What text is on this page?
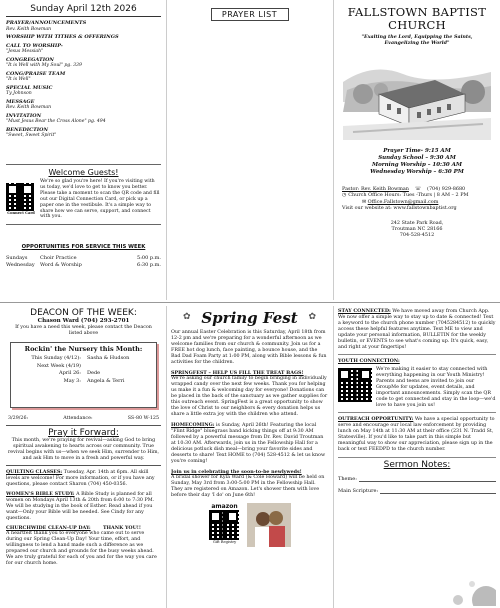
Sunday April 12th 2026
PRAYER/ANNOUNCEMENTS
Rev. Keith Bowman
WORSHIP WITH TITHES & OFFERINGS
CALL TO WORSHIP-
"Jesus Messiah"
CONGREGATION
"It is Well with My Soul" pg. 339
CONG/PRAISE TEAM
"It is Well"
SPECIAL MUSIC
Ty Johnson
MESSAGE
Rev. Keith Bowman
INVITATION
"Must Jesus Bear the Cross Alone" pg. 494
BENEDICTION
"Sweet, Sweet Spirit"
Welcome Guests!
Connect Card
We're so glad you're here! If you're visiting with us today, we'd love to get to know you better. Please take a moment to scan the QR code and fill out our Digital Connection Card, or pick up a paper one in the vestibule. It's a simple way to share how we can serve, support, and connect with you.
OPPORTUNITIES FOR SERVICE THIS WEEK
Sundays	Choir Practice	5:00 p.m.
Wednesday	Word & Worship	6:30 p.m.
PRAYER LIST	FALLSTOWN BAPTIST
CHURCH
"Exalting the Lord, Equipping the Saints, Evangelizing the World"
Prayer Time- 9:15 AM
Sunday School – 9:30 AM
Morning Worship – 10:30 AM
Wednesday Worship – 6:30 PM
Pastor: Rev. Keith Bowman ☏ (704) 929-8680
◷ Church Office Hours: Tues -Thurs | 8 AM – 2 PM
✉ Office.Fallstown@gmail.com
Visit our website at: www.fallstownbaptist.org
242 State Park Road,
Troutman NC 28166
704-528-4512
DEACON OF THE WEEK:
Chason Ward (704) 293-2701
If you have a need this week, please contact the Deacon listed above
Rockin' the Nursery this Month:
This Sunday (4/12):	Sasha & Hudson
Next Week (4/19)
April 26:	Dede
May 3:	Angela & Terri
3/29/26:	Attendance:	SS-80 W-125
Pray it Forward:
This month, we're praying for revival—asking God to bring spiritual awakening to hearts across our community. True revival begins with us—when we seek Him, surrender to Him, and ask Him to move in a fresh and powerful way.
QUILTING CLASSES: Tuesday, Apr. 14th at 6pm. All skill levels are welcome! For more information, or if you have any questions, please contact Sharon (704) 450-0356.
WOMEN'S BIBLE STUDY: A Bible Study is planned for all women on Mondays April 13th & 20th from 6:00 to 7:30 PM. We will be studying in the book of Esther. Read ahead if you want—Only your Bible will be needed. See Cindy for any questions.
CHURCHWIDE CLEAN-UP DAY:	THANK YOU!!
A heartfelt thank you to everyone who came out to serve during our Spring Clean-Up Day! Your time, effort, and willingness to lend a hand made such a difference as we prepared our church and grounds for the busy weeks ahead. We are truly grateful for each of you and for the way you care for our church home.
✿ Spring Fest ✿
Our annual Easter Celebration is this Saturday, April 18th from 12-2 pm and we're preparing for a wonderful afternoon as we welcome families from our church & community. Join us for a FREE hot dog lunch, face painting, a bounce house, and the Bad Dad Foam Party at 1:00 PM, along with Bible lessons & fun activities for the children.
SPRINGFEST – HELP US FILL THE TREAT BAGS!
We're asking our church family to begin bringing in individually wrapped candy over the next few weeks. Thank you for helping us make it a fun & welcoming day for everyone! Donations can be placed in the back of the sanctuary as we gather supplies for this outreach event. SpringFest is a great opportunity to show the love of Christ to our neighbors & every donation helps us share a little extra joy with the children who attend.
HOMECOMING: is Sunday, April 26th! Featuring the local "Flint Ridge" bluegrass band kicking things off at 9:30 AM followed by a powerful message from Dr. Rev. David Troutman at 10:30 AM. Afterwards, join us in the Fellowship Hall for a delicious potluck dish meal—bring your favorite sides and desserts to share! Text HOME to (704) 528-4512 & let us know you're coming!
Join us in celebrating the soon-to-be newlyweds!
A bridal shower for Kyla Ward (& Cole Howard) will be held on Sunday, May 3rd from 3:00-5:00 PM in the Fellowship Hall. They are registered on Amazon. Let's shower them with love before their day 'I do' on June 6th!
amazon
Gift Registry
STAY CONNECTED: We have moved away from Church App. We now offer a simple way to stay up to date & connected! Text a keyword to the church phone number (7045284512) to quickly access these helpful features anytime. Text ME to view and update your personal information, BULLETIN for the weekly bulletin, or EVENTS to see what's coming up. It's quick, easy, and right at your fingertips!
YOUTH CONNECTION:
We're making it easier to stay connected with everything happening in our Youth Ministry! Parents and teens are invited to join our GroupMe for updates, event details, and important announcements. Simply scan the QR code to get connected and stay in the loop—we'd love to have you join us!
OUTREACH OPPORTUNITY: We have a special opportunity to serve and encourage our local law enforcement by providing lunch on May 14th at 11:30 AM at their office (231 N. Tradd St, Statesville). If you'd like to take part in this simple but meaningful way to show our appreciation, please sign up in the back or text FEEDPD to the church number.
Sermon Notes:
Theme:
Main Scripture:
